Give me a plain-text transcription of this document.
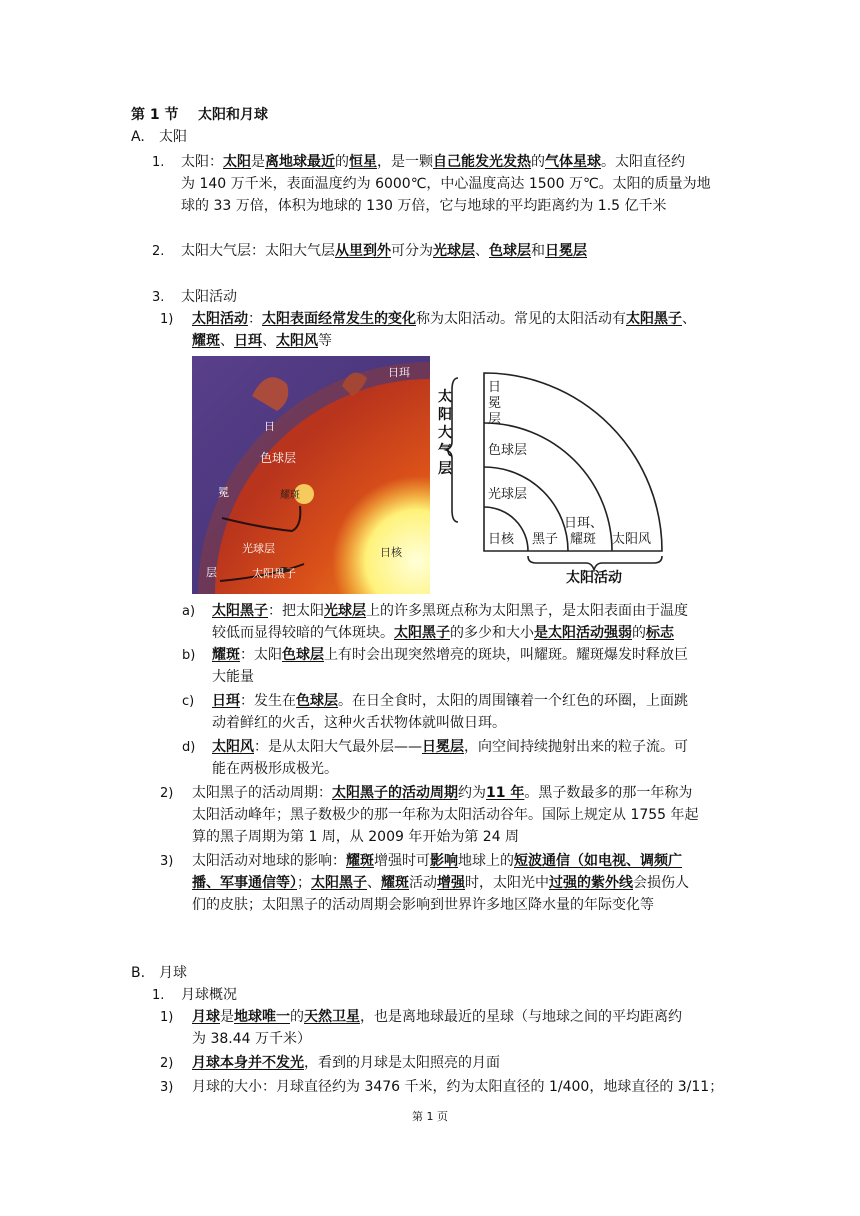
第 1 节 太阳和月球
A. 太阳
1. 太阳：太阳是离地球最近的恒星，是一颗自己能发光发热的气体星球。太阳直径约
为 140 万千米，表面温度约为 6000℃，中心温度高达 1500 万℃。太阳的质量为地
球的 33 万倍，体积为地球的 130 万倍，它与地球的平均距离约为 1.5 亿千米
2. 太阳大气层：太阳大气层从里到外可分为光球层、色球层和日冕层
3. 太阳活动
1) 太阳活动：太阳表面经常发生的变化称为太阳活动。常见的太阳活动有太阳黑子、
耀斑、日珥、太阳风等
日珥
日
冕
层
色球层
耀斑
光球层
太阳黑子
日核
太
阳
大
气
层
日
冕
层
色球层
光球层
日核 黑子
日珥、
耀斑 太阳风
太阳活动
a) 太阳黑子：把太阳光球层上的许多黑斑点称为太阳黑子，是太阳表面由于温度
较低而显得较暗的气体斑块。太阳黑子的多少和大小是太阳活动强弱的标志
b) 耀斑：太阳色球层上有时会出现突然增亮的斑块，叫耀斑。耀斑爆发时释放巨
大能量
c) 日珥：发生在色球层。在日全食时，太阳的周围镶着一个红色的环圈，上面跳
动着鲜红的火舌，这种火舌状物体就叫做日珥。
d) 太阳风：是从太阳大气最外层——日冕层，向空间持续抛射出来的粒子流。可
能在两极形成极光。
2) 太阳黑子的活动周期：太阳黑子的活动周期约为11 年。黑子数最多的那一年称为
太阳活动峰年；黑子数极少的那一年称为太阳活动谷年。国际上规定从 1755 年起
算的黑子周期为第 1 周，从 2009 年开始为第 24 周
3) 太阳活动对地球的影响：耀斑增强时可影响地球上的短波通信（如电视、调频广
播、军事通信等）；太阳黑子、耀斑活动增强时，太阳光中过强的紫外线会损伤人
们的皮肤；太阳黑子的活动周期会影响到世界许多地区降水量的年际变化等
B. 月球
1. 月球概况
1) 月球是地球唯一的天然卫星，也是离地球最近的星球（与地球之间的平均距离约
为 38.44 万千米）
2) 月球本身并不发光，看到的月球是太阳照亮的月面
3) 月球的大小：月球直径约为 3476 千米，约为太阳直径的 1/400，地球直径的 3/11；
第 1 页
